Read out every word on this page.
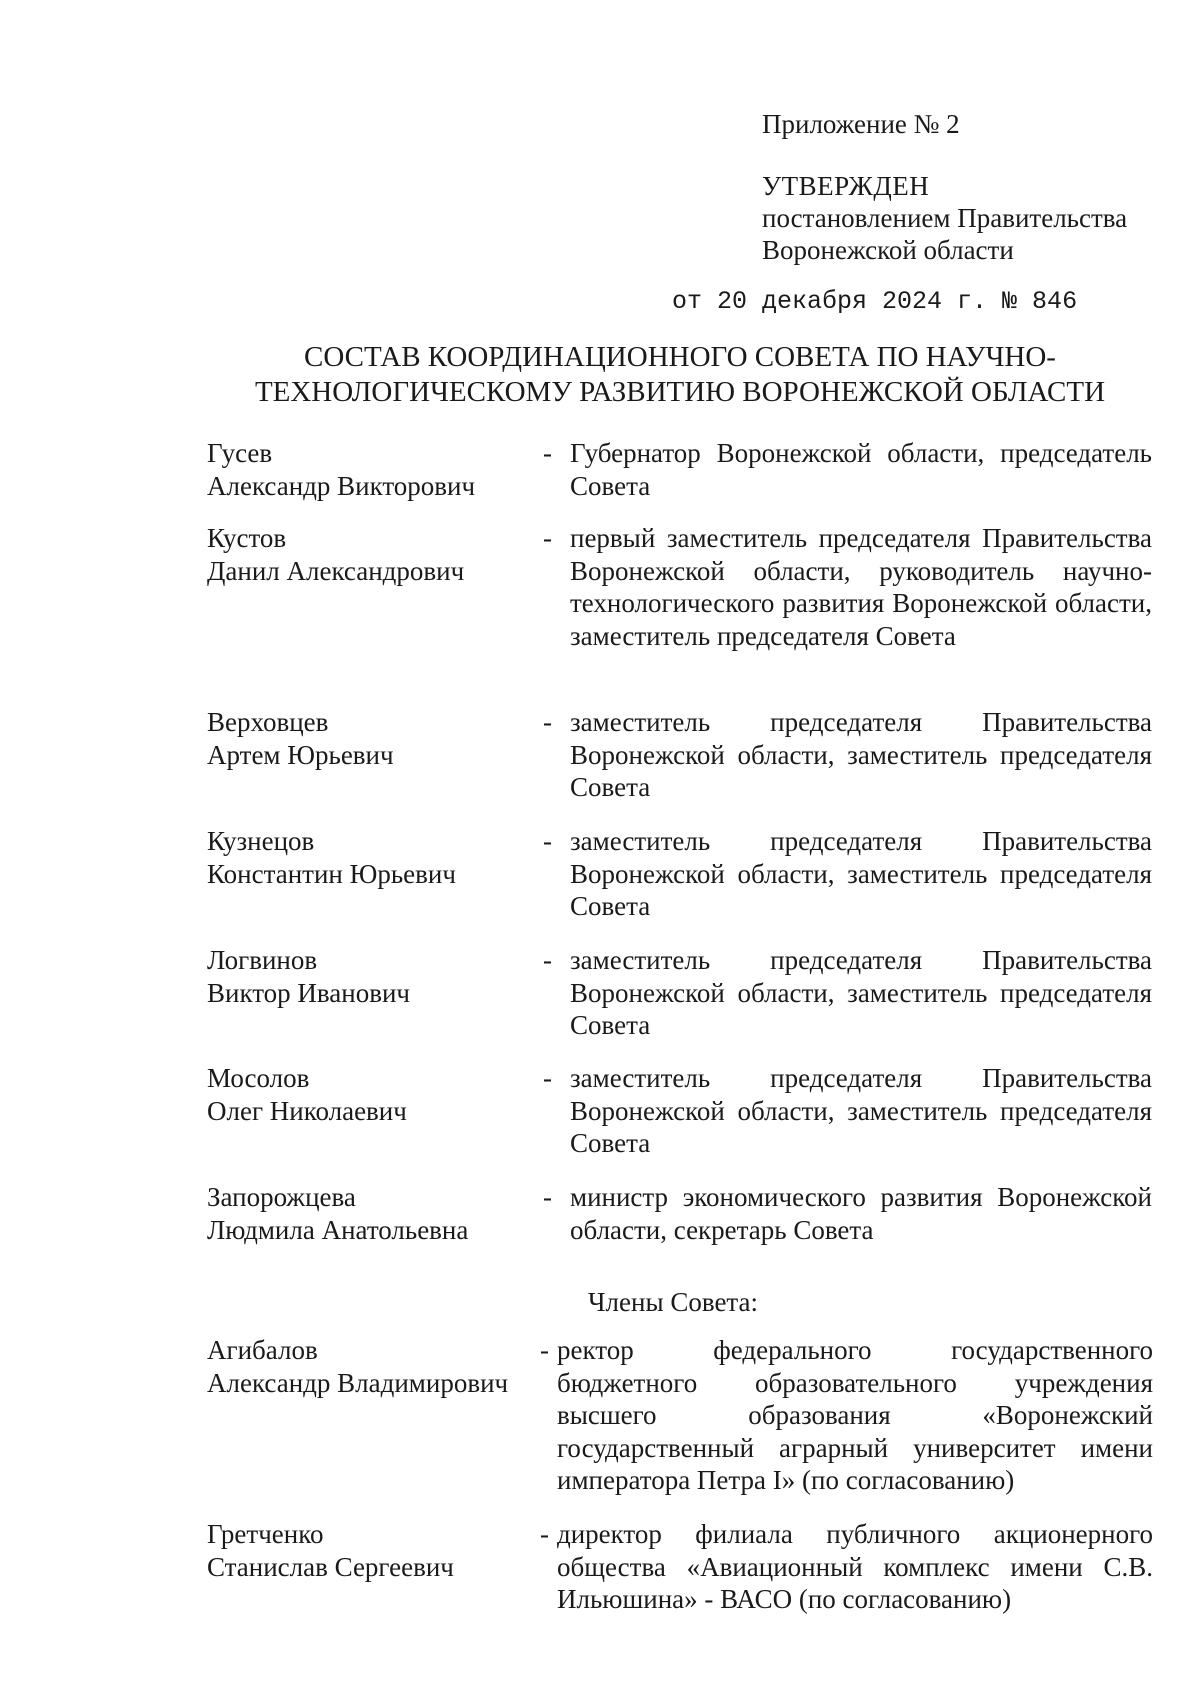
Приложение № 2
УТВЕРЖДЕН
постановлением Правительства
Воронежской области
от 20 декабря 2024 г. № 846
СОСТАВ КООРДИНАЦИОННОГО СОВЕТА ПО НАУЧНО-
ТЕХНОЛОГИЧЕСКОМУ РАЗВИТИЮ ВОРОНЕЖСКОЙ ОБЛАСТИ
Гусев
Александр Викторович
- Губернатор Воронежской области, председатель Совета
Кустов
Данил Александрович
- первый заместитель председателя Правительства Воронежской области, руководитель научно-технологического развития Воронежской области, заместитель председателя Совета
Верховцев
Артем Юрьевич
- заместитель председателя Правительства Воронежской области, заместитель председателя Совета
Кузнецов
Константин Юрьевич
- заместитель председателя Правительства Воронежской области, заместитель председателя Совета
Логвинов
Виктор Иванович
- заместитель председателя Правительства Воронежской области, заместитель председателя Совета
Мосолов
Олег Николаевич
- заместитель председателя Правительства Воронежской области, заместитель председателя Совета
Запорожцева
Людмила Анатольевна
- министр экономического развития Воронежской области, секретарь Совета
Члены Совета:
Агибалов
Александр Владимирович
- ректор федерального государственного бюджетного образовательного учреждения высшего образования «Воронежский государственный аграрный университет имени императора Петра I» (по согласованию)
Гретченко
Станислав Сергеевич
- директор филиала публичного акционерного общества «Авиационный комплекс имени С.В. Ильюшина» - ВАСО (по согласованию)
